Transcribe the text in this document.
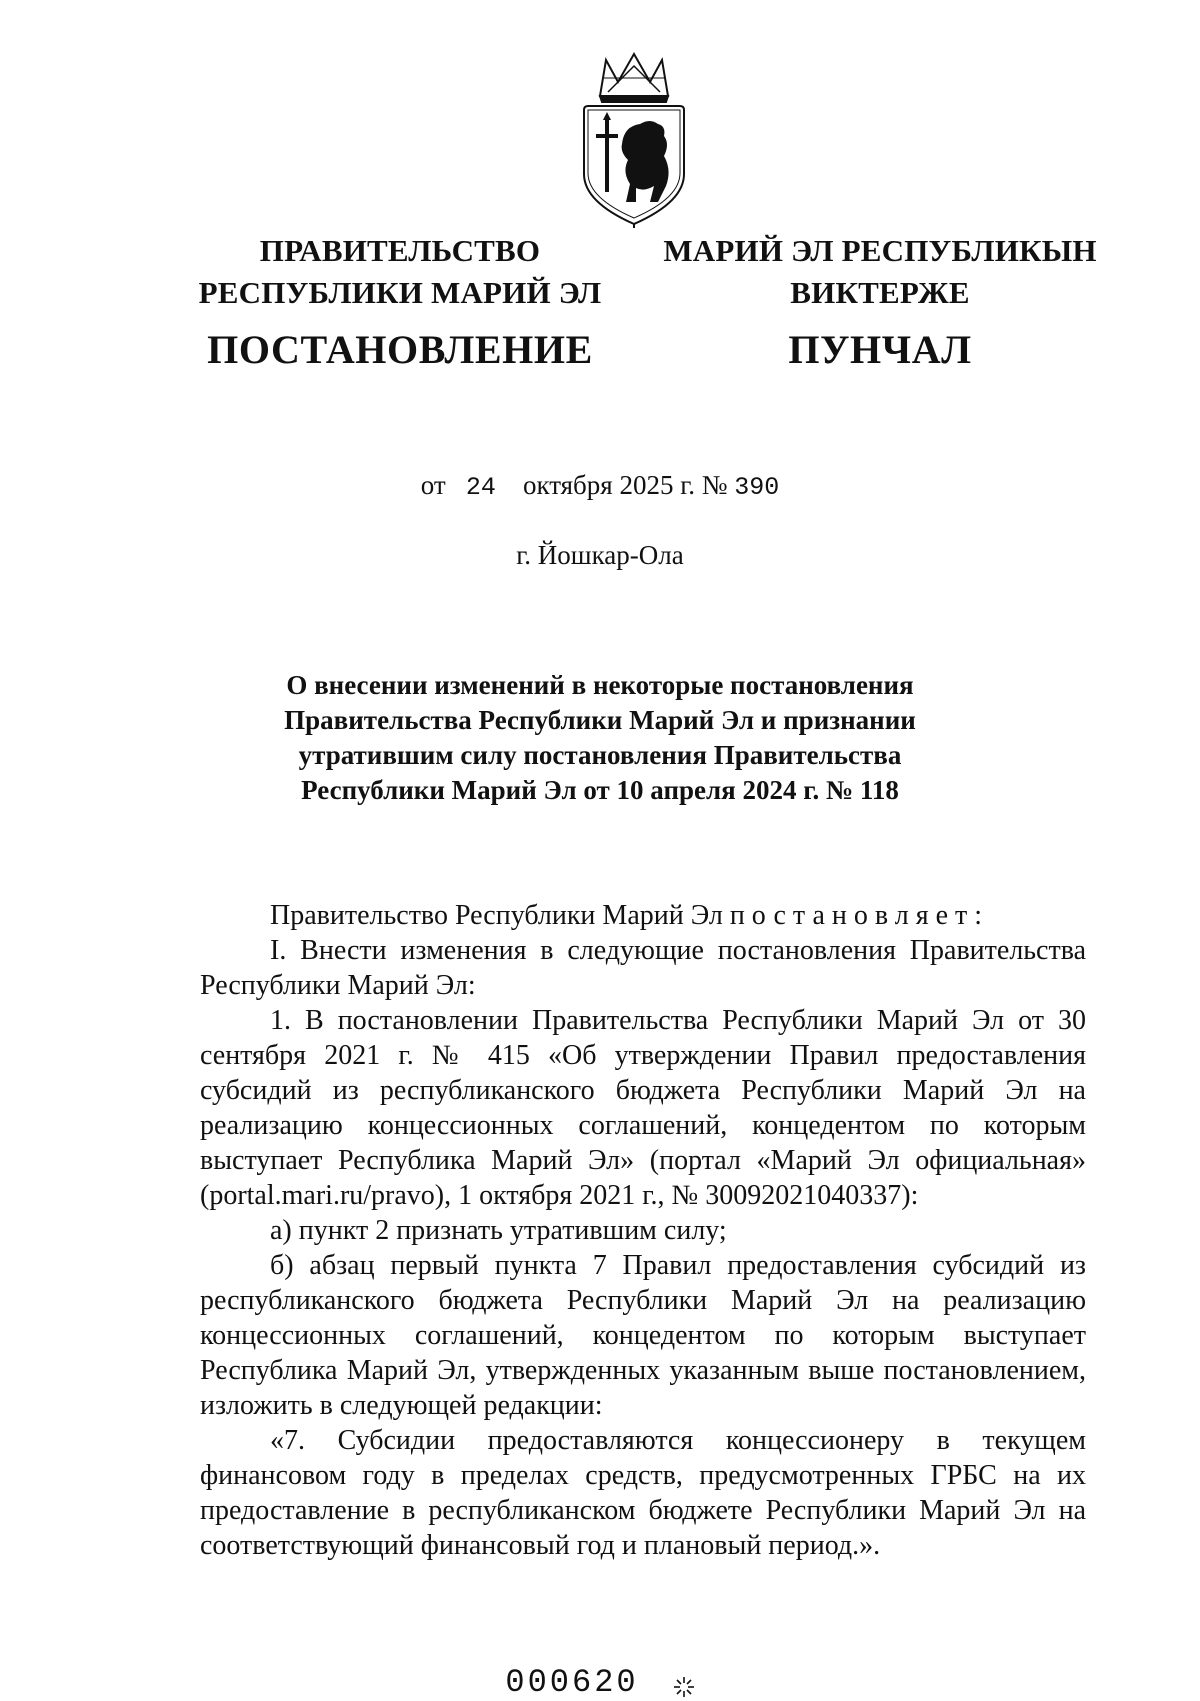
ПРАВИТЕЛЬСТВО
РЕСПУБЛИКИ МАРИЙ ЭЛ
ПОСТАНОВЛЕНИЕ
МАРИЙ ЭЛ РЕСПУБЛИКЫН
ВИКТЕРЖЕ
ПУНЧАЛ
от 24 октября 2025 г. № 390
г. Йошкар-Ола
О внесении изменений в некоторые постановления
Правительства Республики Марий Эл и признании
утратившим силу постановления Правительства
Республики Марий Эл от 10 апреля 2024 г. № 118

Правительство Республики Марий Эл постановляет:

I. Внести изменения в следующие постановления Правительства Республики Марий Эл:

1. В постановлении Правительства Республики Марий Эл от 30 сентября 2021 г. № 415 «Об утверждении Правил предоставления субсидий из республиканского бюджета Республики Марий Эл на реализацию концессионных соглашений, концедентом по которым выступает Республика Марий Эл» (портал «Марий Эл официальная» (portal.mari.ru/pravo), 1 октября 2021 г., № 30092021040337):

а) пункт 2 признать утратившим силу;

б) абзац первый пункта 7 Правил предоставления субсидий из республиканского бюджета Республики Марий Эл на реализацию концессионных соглашений, концедентом по которым выступает Республика Марий Эл, утвержденных указанным выше постановлением, изложить в следующей редакции:

«7. Субсидии предоставляются концессионеру в текущем финансовом году в пределах средств, предусмотренных ГРБС на их предоставление в республиканском бюджете Республики Марий Эл на соответствующий финансовый год и плановый период.».

000620
